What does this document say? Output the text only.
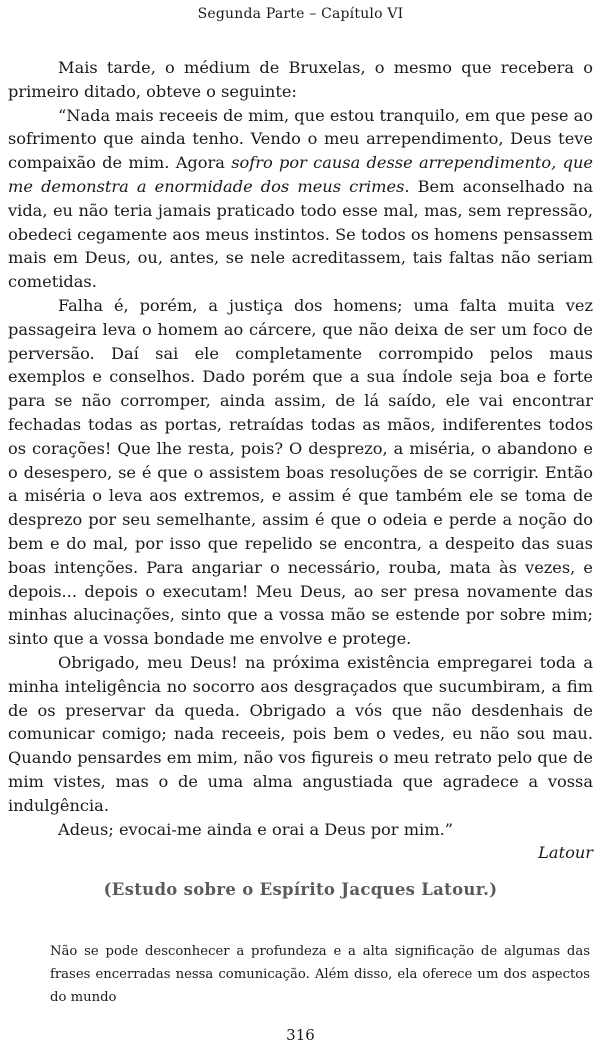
Segunda Parte – Capítulo VI

Mais tarde, o médium de Bruxelas, o mesmo que recebera o primeiro ditado, obteve o seguinte:

“Nada mais receeis de mim, que estou tranquilo, em que pese ao sofrimento que ainda tenho. Vendo o meu arrependimento, Deus teve compaixão de mim. Agora sofro por causa desse arrependimento, que me demonstra a enormidade dos meus crimes. Bem aconselhado na vida, eu não teria jamais praticado todo esse mal, mas, sem repressão, obedeci cegamente aos meus instintos. Se todos os homens pensassem mais em Deus, ou, antes, se nele acreditassem, tais faltas não seriam cometidas.

Falha é, porém, a justiça dos homens; uma falta muita vez passageira leva o homem ao cárcere, que não deixa de ser um foco de perversão. Daí sai ele completamente corrompido pelos maus exemplos e conselhos. Dado porém que a sua índole seja boa e forte para se não corromper, ainda assim, de lá saído, ele vai encontrar fechadas todas as portas, retraídas todas as mãos, indiferentes todos os corações! Que lhe resta, pois? O desprezo, a miséria, o abandono e o desespero, se é que o assistem boas resoluções de se corrigir. Então a miséria o leva aos extremos, e assim é que também ele se toma de desprezo por seu semelhante, assim é que o odeia e perde a noção do bem e do mal, por isso que repelido se encontra, a despeito das suas boas intenções. Para angariar o necessário, rouba, mata às vezes, e depois... depois o executam! Meu Deus, ao ser presa novamente das minhas alucinações, sinto que a vossa mão se estende por sobre mim; sinto que a vossa bondade me envolve e protege.

Obrigado, meu Deus! na próxima existência empregarei toda a minha inteligência no socorro aos desgraçados que sucumbiram, a fim de os preservar da queda. Obrigado a vós que não desdenhais de comunicar comigo; nada receeis, pois bem o vedes, eu não sou mau. Quando pensardes em mim, não vos figureis o meu retrato pelo que de mim vistes, mas o de uma alma angustiada que agradece a vossa indulgência.

Adeus; evocai-me ainda e orai a Deus por mim.”

Latour

(Estudo sobre o Espírito Jacques Latour.)

Não se pode desconhecer a profundeza e a alta significação de algumas das frases encerradas nessa comunicação. Além disso, ela oferece um dos aspectos do mundo

316
